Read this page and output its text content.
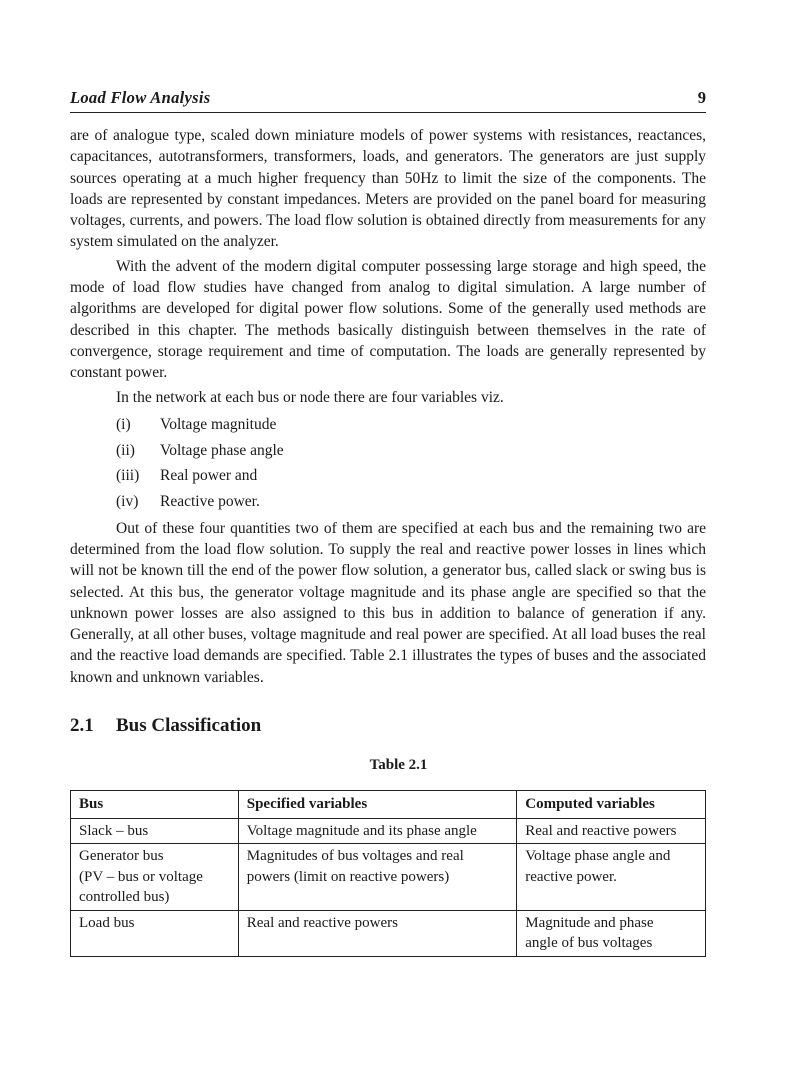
Load Flow Analysis	9

are of analogue type, scaled down miniature models of power systems with resistances, reactances, capacitances, autotransformers, transformers, loads, and generators. The generators are just supply sources operating at a much higher frequency than 50Hz to limit the size of the components. The loads are represented by constant impedances. Meters are provided on the panel board for measuring voltages, currents, and powers. The load flow solution is obtained directly from measurements for any system simulated on the analyzer.

With the advent of the modern digital computer possessing large storage and high speed, the mode of load flow studies have changed from analog to digital simulation. A large number of algorithms are developed for digital power flow solutions. Some of the generally used methods are described in this chapter. The methods basically distinguish between themselves in the rate of convergence, storage requirement and time of computation. The loads are generally represented by constant power.

In the network at each bus or node there are four variables viz.

(i) Voltage magnitude
(ii) Voltage phase angle
(iii) Real power and
(iv) Reactive power.

Out of these four quantities two of them are specified at each bus and the remaining two are determined from the load flow solution. To supply the real and reactive power losses in lines which will not be known till the end of the power flow solution, a generator bus, called slack or swing bus is selected. At this bus, the generator voltage magnitude and its phase angle are specified so that the unknown power losses are also assigned to this bus in addition to balance of generation if any. Generally, at all other buses, voltage magnitude and real power are specified. At all load buses the real and the reactive load demands are specified. Table 2.1 illustrates the types of buses and the associated known and unknown variables.

2.1 Bus Classification
Table 2.1
Bus	Specified variables	Computed variables

Slack – bus	Voltage magnitude and its phase angle	Real and reactive powers

Generator bus
(PV – bus or voltage
controlled bus)	Magnitudes of bus voltages and real
powers (limit on reactive powers)	Voltage phase angle and
reactive power.

Load bus	Real and reactive powers	Magnitude and phase
angle of bus voltages
